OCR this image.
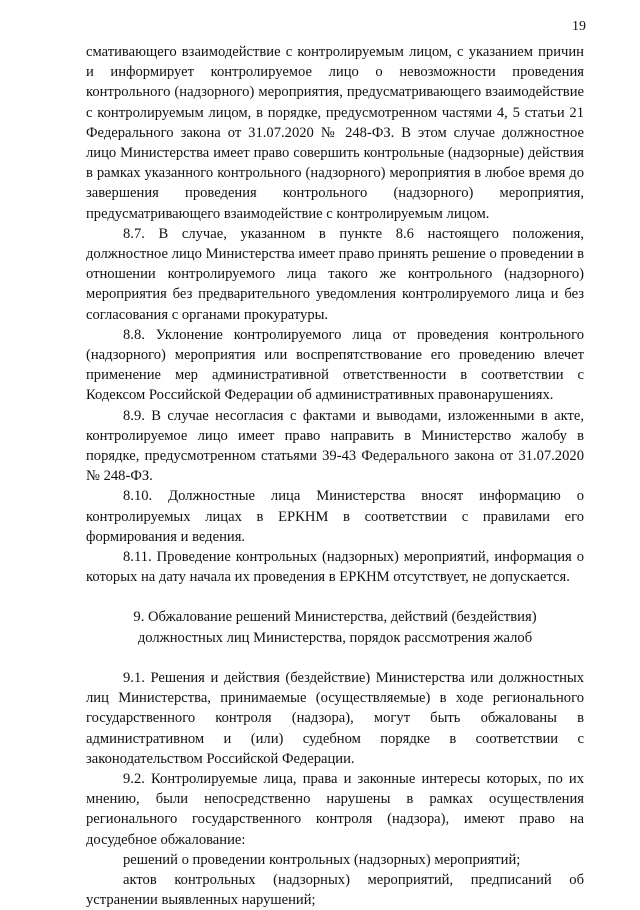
19

смативающего взаимодействие с контролируемым лицом, с указанием причин и информирует контролируемое лицо о невозможности проведения контрольного (надзорного) мероприятия, предусматривающего взаимодействие с контролируемым лицом, в порядке, предусмотренном частями 4, 5 статьи 21 Федерального закона от 31.07.2020 № 248-ФЗ. В этом случае должностное лицо Министерства имеет право совершить контрольные (надзорные) действия в рамках указанного контрольного (надзорного) мероприятия в любое время до завершения проведения контрольного (надзорного) мероприятия, предусматривающего взаимодействие с контролируемым лицом.

8.7. В случае, указанном в пункте 8.6 настоящего положения, должностное лицо Министерства имеет право принять решение о проведении в отношении контролируемого лица такого же контрольного (надзорного) мероприятия без предварительного уведомления контролируемого лица и без согласования с органами прокуратуры.

8.8. Уклонение контролируемого лица от проведения контрольного (надзорного) мероприятия или воспрепятствование его проведению влечет применение мер административной ответственности в соответствии с Кодексом Российской Федерации об административных правонарушениях.

8.9. В случае несогласия с фактами и выводами, изложенными в акте, контролируемое лицо имеет право направить в Министерство жалобу в порядке, предусмотренном статьями 39-43 Федерального закона от 31.07.2020 № 248-ФЗ.

8.10. Должностные лица Министерства вносят информацию о контролируемых лицах в ЕРКНМ в соответствии с правилами его формирования и ведения.

8.11. Проведение контрольных (надзорных) мероприятий, информация о которых на дату начала их проведения в ЕРКНМ отсутствует, не допускается.

9. Обжалование решений Министерства, действий (бездействия)
должностных лиц Министерства, порядок рассмотрения жалоб

9.1. Решения и действия (бездействие) Министерства или должностных лиц Министерства, принимаемые (осуществляемые) в ходе регионального государственного контроля (надзора), могут быть обжалованы в административном и (или) судебном порядке в соответствии с законодательством Российской Федерации.

9.2. Контролируемые лица, права и законные интересы которых, по их мнению, были непосредственно нарушены в рамках осуществления регионального государственного контроля (надзора), имеют право на досудебное обжалование:

решений о проведении контрольных (надзорных) мероприятий;

актов контрольных (надзорных) мероприятий, предписаний об устранении выявленных нарушений;
